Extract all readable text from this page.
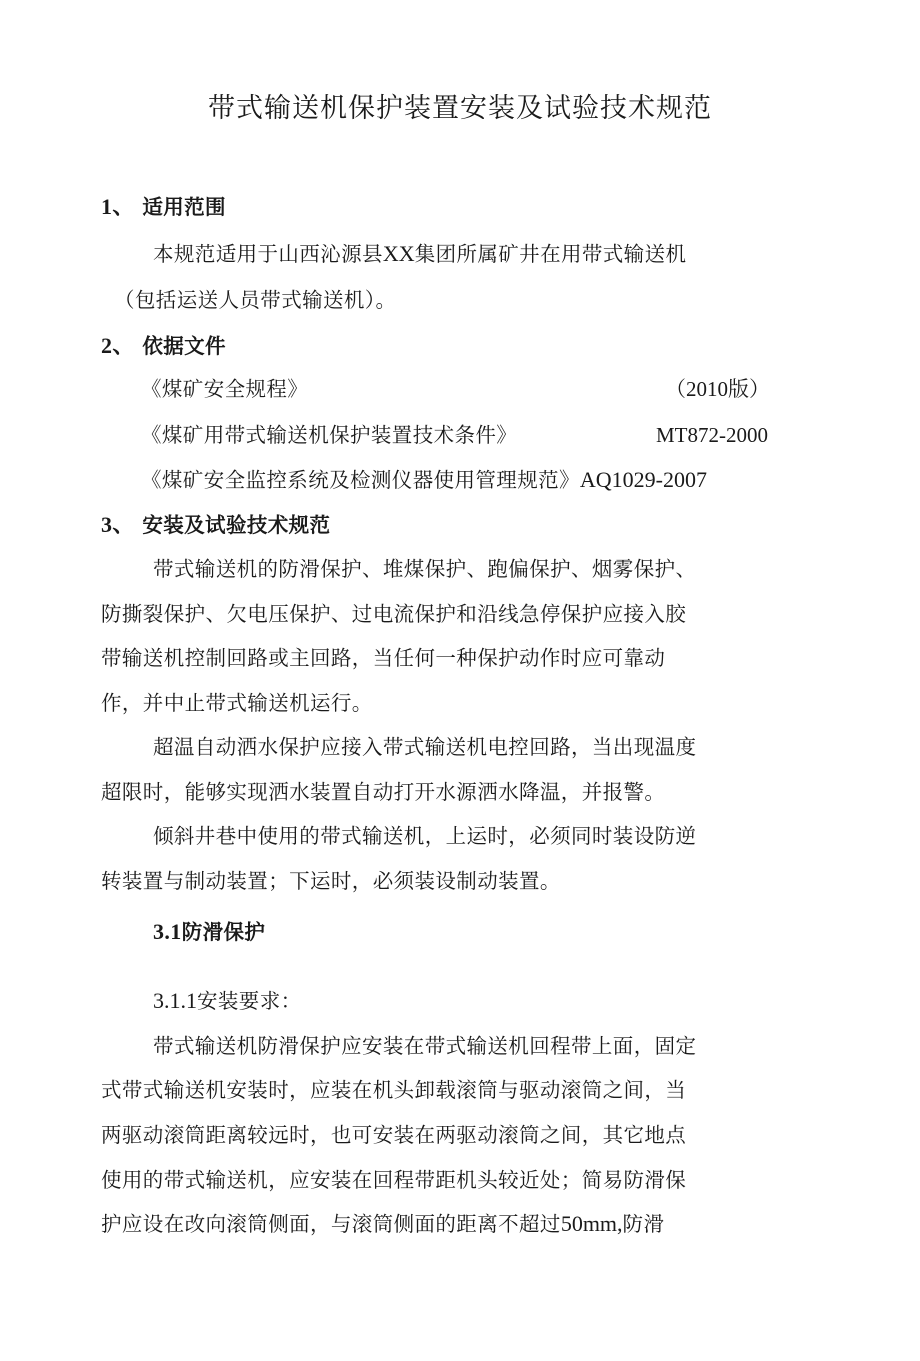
带式输送机保护装置安装及试验技术规范
1、 适用范围
本规范适用于山西沁源县XX集团所属矿井在用带式输送机
（包括运送人员带式输送机）。
2、 依据文件
《煤矿安全规程》	（2010版）
《煤矿用带式输送机保护装置技术条件》	MT872-2000
《煤矿安全监控系统及检测仪器使用管理规范》AQ1029-2007
3、 安装及试验技术规范
带式输送机的防滑保护、堆煤保护、跑偏保护、烟雾保护、
防撕裂保护、欠电压保护、过电流保护和沿线急停保护应接入胶
带输送机控制回路或主回路，当任何一种保护动作时应可靠动
作，并中止带式输送机运行。
超温自动洒水保护应接入带式输送机电控回路，当出现温度
超限时，能够实现洒水装置自动打开水源洒水降温，并报警。
倾斜井巷中使用的带式输送机，上运时，必须同时装设防逆
转装置与制动装置；下运时，必须装设制动装置。
3.1防滑保护
3.1.1安装要求：
带式输送机防滑保护应安装在带式输送机回程带上面，固定
式带式输送机安装时，应装在机头卸载滚筒与驱动滚筒之间，当
两驱动滚筒距离较远时，也可安装在两驱动滚筒之间，其它地点
使用的带式输送机，应安装在回程带距机头较近处；简易防滑保
护应设在改向滚筒侧面，与滚筒侧面的距离不超过50mm,防滑
